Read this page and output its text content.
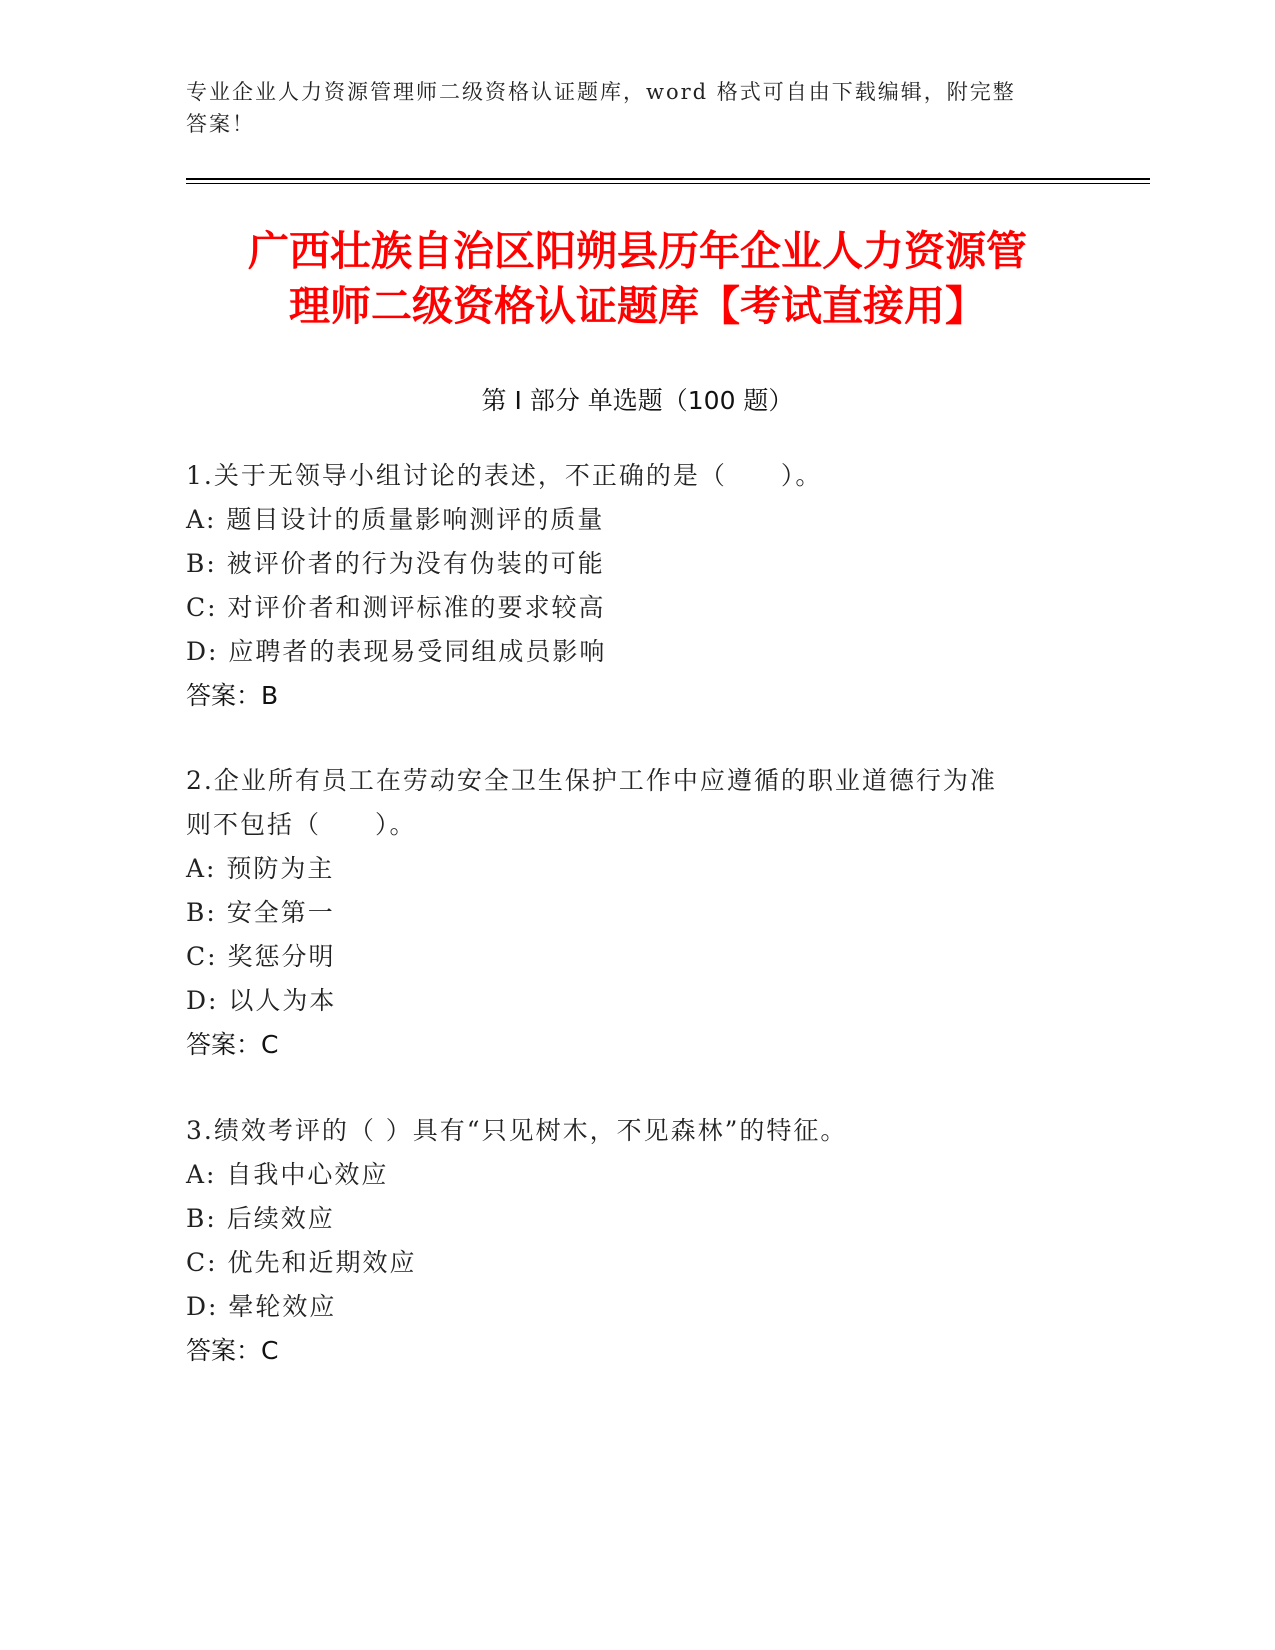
专业企业人力资源管理师二级资格认证题库，word 格式可自由下载编辑，附完整
答案！
广西壮族自治区阳朔县历年企业人力资源管
理师二级资格认证题库【考试直接用】
第 I 部分 单选题（100 题）
1.关于无领导小组讨论的表述，不正确的是（　　）。
A: 题目设计的质量影响测评的质量
B: 被评价者的行为没有伪装的可能
C: 对评价者和测评标准的要求较高
D: 应聘者的表现易受同组成员影响
答案：B
2.企业所有员工在劳动安全卫生保护工作中应遵循的职业道德行为准
则不包括（　　）。
A: 预防为主
B: 安全第一
C: 奖惩分明
D: 以人为本
答案：C
3.绩效考评的（ ）具有“只见树木，不见森林”的特征。
A: 自我中心效应
B: 后续效应
C: 优先和近期效应
D: 晕轮效应
答案：C
